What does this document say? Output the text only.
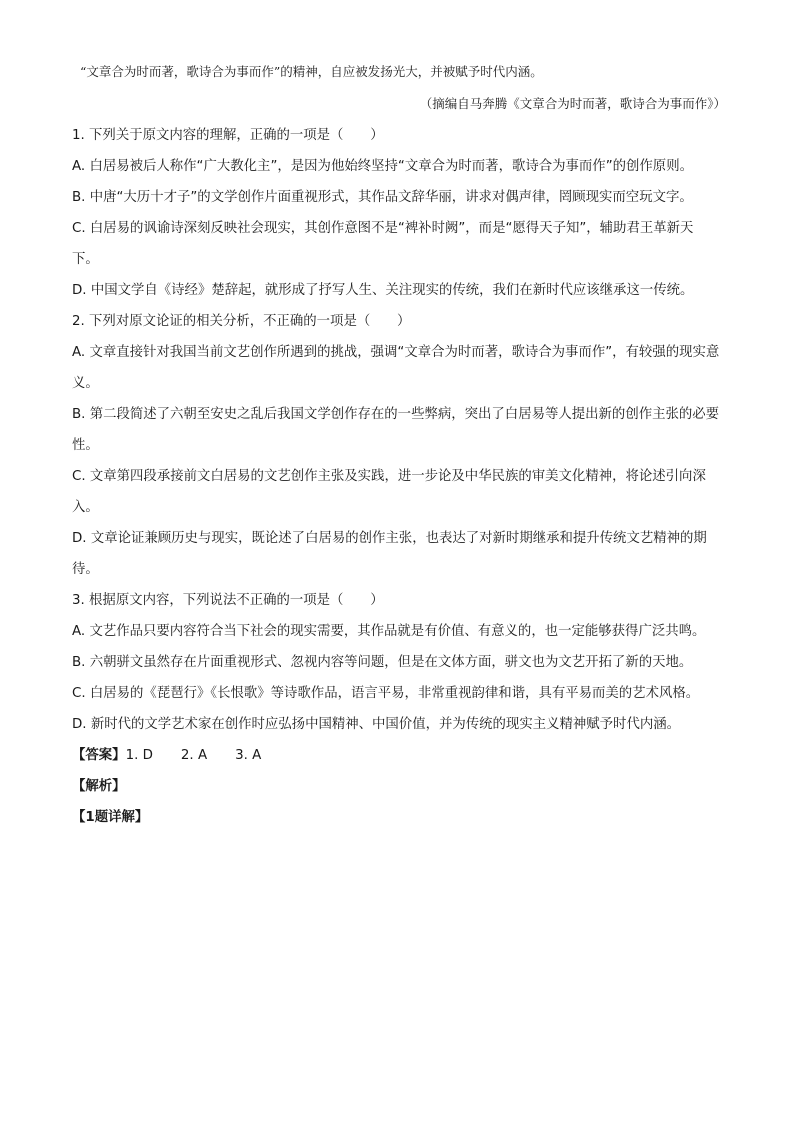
“文章合为时而著，歌诗合为事而作”的精神，自应被发扬光大，并被赋予时代内涵。

（摘编自马奔腾《文章合为时而著，歌诗合为事而作》）

1. 下列关于原文内容的理解，正确的一项是（　　）

A. 白居易被后人称作“广大教化主”，是因为他始终坚持“文章合为时而著，歌诗合为事而作”的创作原则。

B. 中唐“大历十才子”的文学创作片面重视形式，其作品文辞华丽，讲求对偶声律，罔顾现实而空玩文字。

C. 白居易的讽谕诗深刻反映社会现实，其创作意图不是“裨补时阙”，而是“愿得天子知”，辅助君王革新天下。

D. 中国文学自《诗经》楚辞起，就形成了抒写人生、关注现实的传统，我们在新时代应该继承这一传统。

2. 下列对原文论证的相关分析，不正确的一项是（　　）

A. 文章直接针对我国当前文艺创作所遇到的挑战，强调“文章合为时而著，歌诗合为事而作”，有较强的现实意义。

B. 第二段简述了六朝至安史之乱后我国文学创作存在的一些弊病，突出了白居易等人提出新的创作主张的必要性。

C. 文章第四段承接前文白居易的文艺创作主张及实践，进一步论及中华民族的审美文化精神，将论述引向深入。

D. 文章论证兼顾历史与现实，既论述了白居易的创作主张，也表达了对新时期继承和提升传统文艺精神的期待。

3. 根据原文内容，下列说法不正确的一项是（　　）

A. 文艺作品只要内容符合当下社会的现实需要，其作品就是有价值、有意义的，也一定能够获得广泛共鸣。

B. 六朝骈文虽然存在片面重视形式、忽视内容等问题，但是在文体方面，骈文也为文艺开拓了新的天地。

C. 白居易的《琵琶行》《长恨歌》等诗歌作品，语言平易，非常重视韵律和谐，具有平易而美的艺术风格。

D. 新时代的文学艺术家在创作时应弘扬中国精神、中国价值，并为传统的现实主义精神赋予时代内涵。

【答案】 1. D 2. A 3. A

【解析】

【1题详解】
